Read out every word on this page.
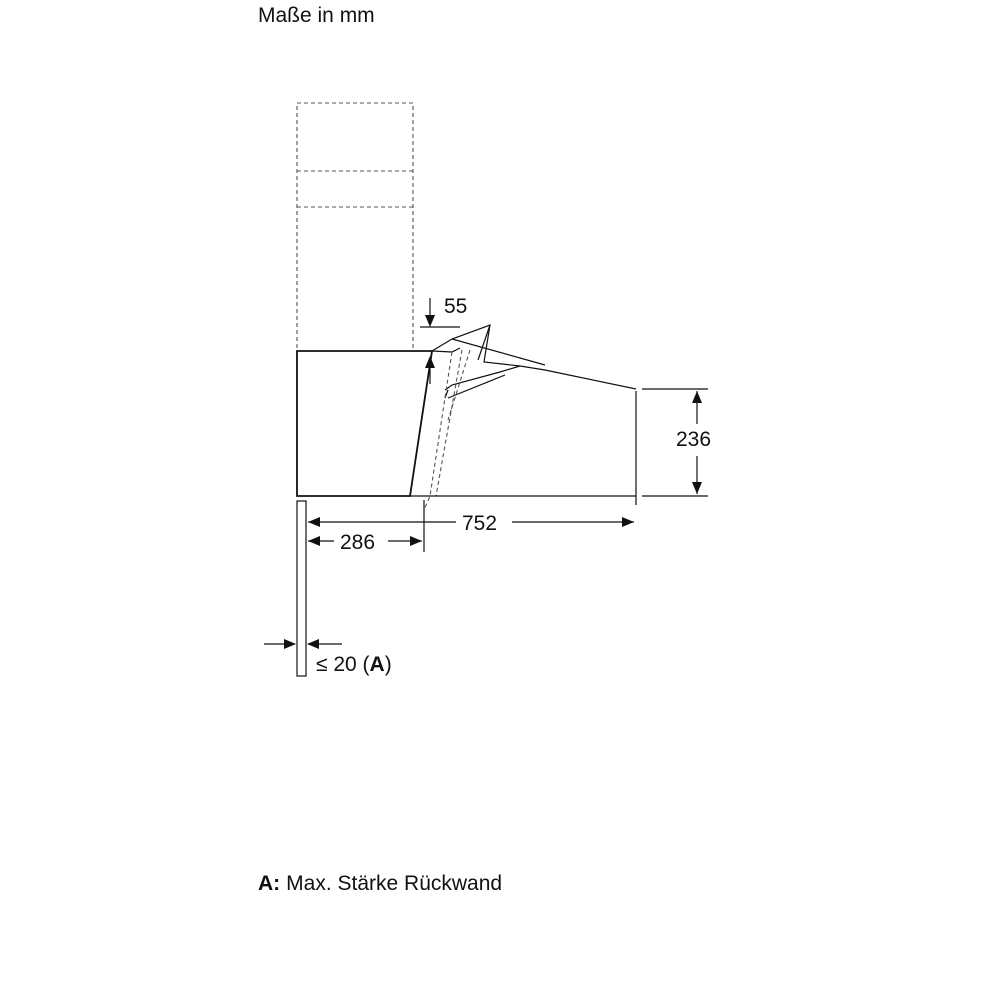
Maße in mm
55
236
752
286
≤ 20 (A)
A: Max. Stärke Rückwand
